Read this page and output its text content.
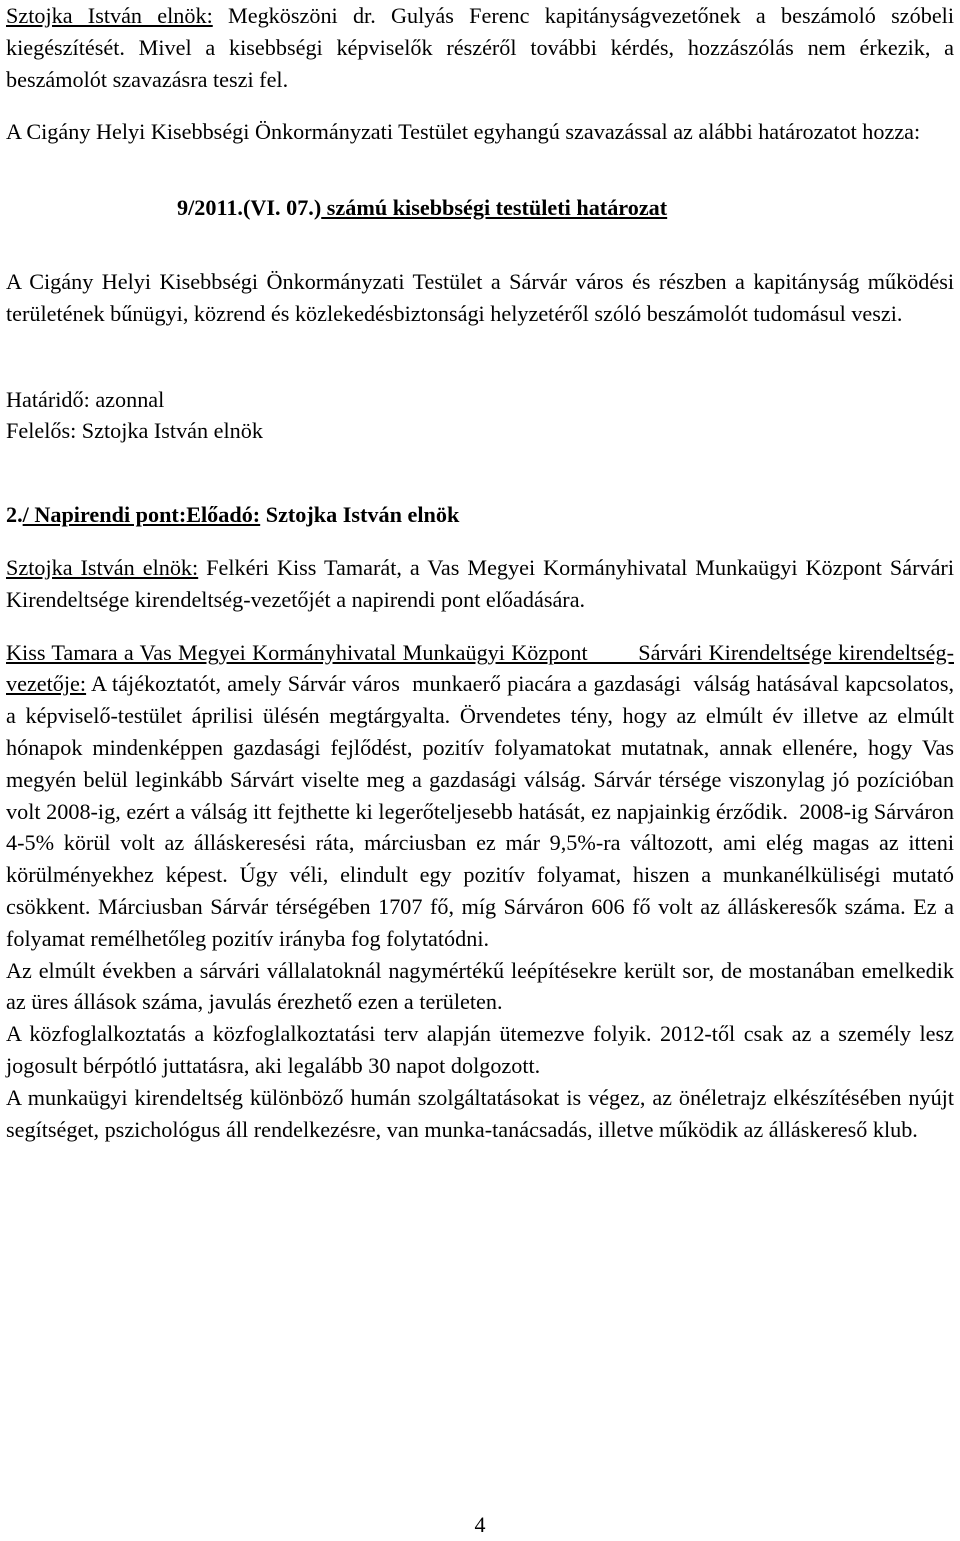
Sztojka István elnök: Megköszöni dr. Gulyás Ferenc kapitányságvezetőnek a beszámoló szóbeli kiegészítését. Mivel a kisebbségi képviselők részéről további kérdés, hozzászólás nem érkezik, a beszámolót szavazásra teszi fel.

A Cigány Helyi Kisebbségi Önkormányzati Testület egyhangú szavazással az alábbi határozatot hozza:

9/2011.(VI. 07.) számú kisebbségi testületi határozat

A Cigány Helyi Kisebbségi Önkormányzati Testület a Sárvár város és részben a kapitányság működési területének bűnügyi, közrend és közlekedésbiztonsági helyzetéről szóló beszámolót tudomásul veszi.

Határidő: azonnal

Felelős: Sztojka István elnök

2./ Napirendi pont:Előadó: Sztojka István elnök

Sztojka István elnök: Felkéri Kiss Tamarát, a Vas Megyei Kormányhivatal Munkaügyi Központ Sárvári Kirendeltsége kirendeltség-vezetőjét a napirendi pont előadására.

Kiss Tamara a Vas Megyei Kormányhivatal Munkaügyi Központ        Sárvári Kirendeltsége kirendeltség-vezetője: A tájékoztatót, amely Sárvár város  munkaerő piacára a gazdasági  válság hatásával kapcsolatos, a képviselő-testület áprilisi ülésén megtárgyalta. Örvendetes tény, hogy az elmúlt év illetve az elmúlt hónapok mindenképpen gazdasági fejlődést, pozitív folyamatokat mutatnak, annak ellenére, hogy Vas megyén belül leginkább Sárvárt viselte meg a gazdasági válság. Sárvár térsége viszonylag jó pozícióban volt 2008-ig, ezért a válság itt fejthette ki legerőteljesebb hatását, ez napjainkig érződik.  2008-ig Sárváron 4-5% körül volt az álláskeresési ráta, márciusban ez már 9,5%-ra változott, ami elég magas az itteni körülményekhez képest. Úgy véli, elindult egy pozitív folyamat, hiszen a munkanélküliségi mutató csökkent. Márciusban Sárvár térségében 1707 fő, míg Sárváron 606 fő volt az álláskeresők száma. Ez a folyamat remélhetőleg pozitív irányba fog folytatódni.

Az elmúlt években a sárvári vállalatoknál nagymértékű leépítésekre került sor, de mostanában emelkedik az üres állások száma, javulás érezhető ezen a területen.

A közfoglalkoztatás a közfoglalkoztatási terv alapján ütemezve folyik. 2012-től csak az a személy lesz jogosult bérpótló juttatásra, aki legalább 30 napot dolgozott.

A munkaügyi kirendeltség különböző humán szolgáltatásokat is végez, az önéletrajz elkészítésében nyújt segítséget, pszichológus áll rendelkezésre, van munka-tanácsadás, illetve működik az álláskereső klub.

4
